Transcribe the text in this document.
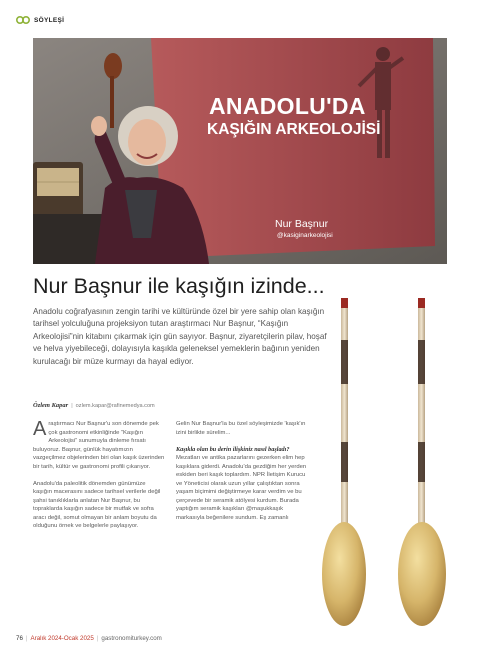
SÖYLEŞİ
ANADOLU'DA
KAŞIĞIN ARKEOLOJİSİ
Nur Başnur
@kasiginarkeolojisi
Nur Başnur ile kaşığın izinde...

Anadolu coğrafyasının zengin tarihi ve kültüründe özel bir yere sahip olan kaşığın tarihsel yolculuğuna projeksiyon tutan araştırmacı Nur Başnur, “Kaşığın Arkeolojisi”nin kitabını çıkarmak için gün sayıyor. Başnur, ziyaretçilerin pilav, hoşaf ve helva yiyebileceği, dolayısıyla kaşıkla geleneksel yemeklerin bağının yeniden kurulacağı bir müze kurmayı da hayal ediyor.

Özlem Kapar | ozlem.kapar@rafinemedya.com

Araştırmacı Nur Başnur'u son dönemde pek çok gastronomi etkinliğinde “Kaşığın Arkeolojisi” sunumuyla dinleme fırsatı buluyoruz. Başnur, günlük hayatımızın vazgeçilmez objelerinden biri olan kaşık üzerinden bir tarih, kültür ve gastronomi profili çıkarıyor.

Anadolu'da paleolitik dönemden günümüze kaşığın macerasını sadece tarihsel verilerle değil şahsi tanıklıklarla anlatan Nur Başnur, bu topraklarda kaşığın sadece bir mutfak ve sofra aracı değil, somut olmayan bir anlam boyutu da olduğunu örnek ve belgelerle paylaşıyor.

Gelin Nur Başnur'la bu özel söyleşimizde 'kaşık'ın izini birlikte sürelim...

Kaşıkla olan bu derin ilişkiniz nasıl başladı?

Mezatları ve antika pazarlarını gezerken elim hep kaşıklara giderdi. Anadolu'da gezdiğim her yerden eskiden beri kaşık toplardım. NPR İletişim Kurucu ve Yöneticisi olarak uzun yıllar çalıştıktan sonra yaşam biçimimi değiştirmeye karar verdim ve bu çerçevede bir seramik atölyesi kurdum. Burada yaptığım seramik kaşıkları @maşukkaşık markasıyla beğenilere sundum. Eş zamanlı

76 | Aralık 2024-Ocak 2025 | gastronomiturkey.com
